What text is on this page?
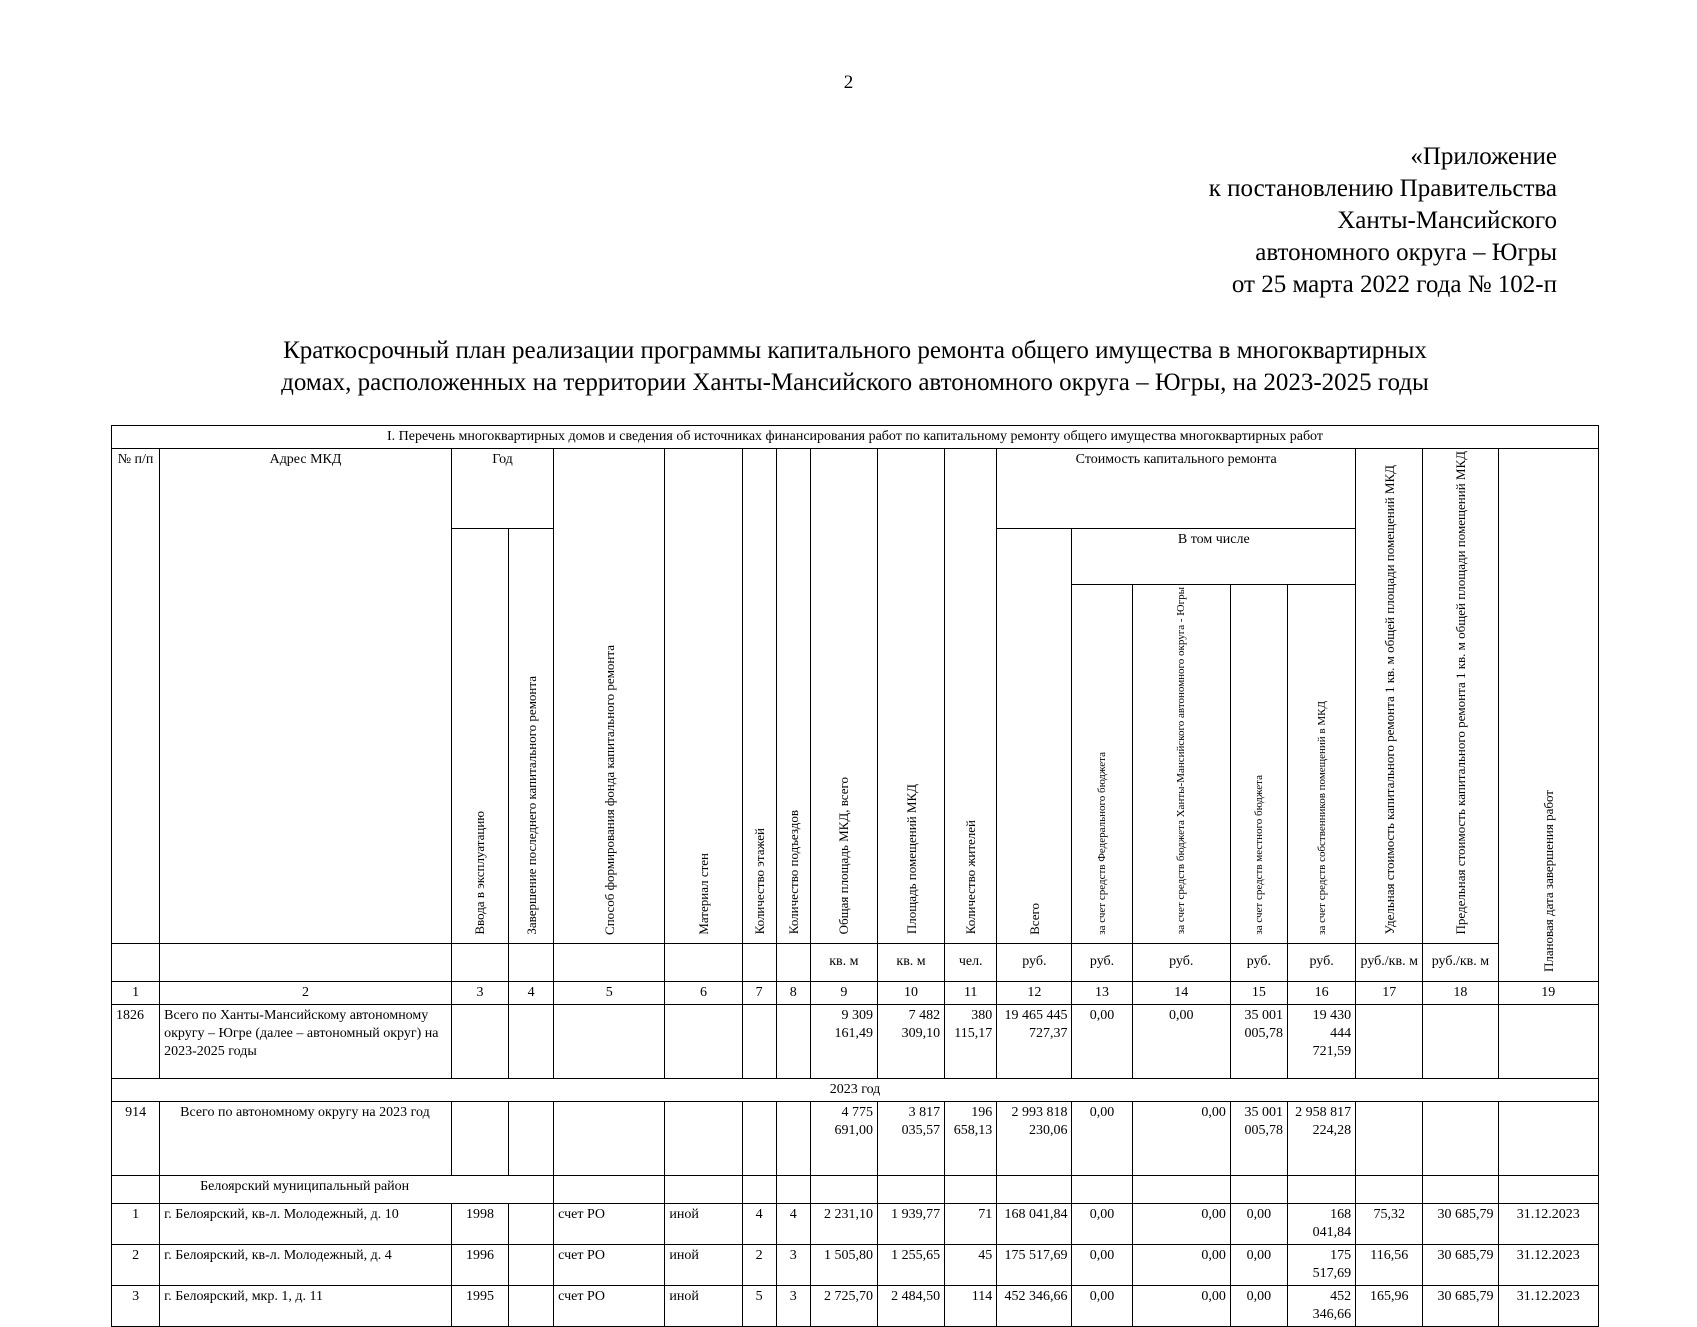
2
«Приложение
к постановлению Правительства
Ханты-Мансийского
автономного округа – Югры
от 25 марта 2022 года № 102-п
Краткосрочный план реализации программы капитального ремонта общего имущества в многоквартирных
домах, расположенных на территории Ханты-Мансийского автономного округа – Югры, на 2023-2025 годы
I. Перечень многоквартирных домов и сведения об источниках финансирования работ по капитальному ремонту общего имущества многоквартирных работ																		
№ п/п	Адрес МКД	Год		Способ формирования фонда капитального ремонта	Материал стен	Количество этажей	Количество подъездов	Общая площадь МКД, всего	Площадь помещений МКД	Количество жителей	Стоимость капитального ремонта					Удельная стоимость капитального ремонта 1 кв. м общей площади помещений МКД	Предельная стоимость капитального ремонта 1 кв. м общей площади помещений МКД	Плановая дата завершения работ
		Ввода в эксплуатацию	Завершение последнего капитального ремонта								Всего	В том числе						
												за счет средств Федерального бюджета	за счет средств бюджета Ханты-Мансийского автономного округа - Югры	за счет средств местного бюджета	за счет средств собственников помещений в МКД			
								кв. м	кв. м	чел.	руб.	руб.	руб.	руб.	руб.	руб./кв. м	руб./кв. м	
1	2	3	4	5	6	7	8	9	10	11	12	13	14	15	16	17	18	19
1826	Всего по Ханты-Мансийскому автономному округу – Югре (далее – автономный округ) на 2023-2025 годы							9 309 161,49	7 482 309,10	380 115,17	19 465 445 727,37	0,00	0,00	35 001 005,78	19 430 444 721,59			
2023 год																		
914	Всего по автономному округу на 2023 год							4 775 691,00	3 817 035,57	196 658,13	2 993 818 230,06	0,00	0,00	35 001 005,78	2 958 817 224,28			
	Белоярский муниципальный район																	
1	г. Белоярский, кв-л. Молодежный, д. 10	1998		счет РО	иной	4	4	2 231,10	1 939,77	71	168 041,84	0,00	0,00	0,00	168 041,84	75,32	30 685,79	31.12.2023
2	г. Белоярский, кв-л. Молодежный, д. 4	1996		счет РО	иной	2	3	1 505,80	1 255,65	45	175 517,69	0,00	0,00	0,00	175 517,69	116,56	30 685,79	31.12.2023
3	г. Белоярский, мкр. 1, д. 11	1995		счет РО	иной	5	3	2 725,70	2 484,50	114	452 346,66	0,00	0,00	0,00	452 346,66	165,96	30 685,79	31.12.2023
